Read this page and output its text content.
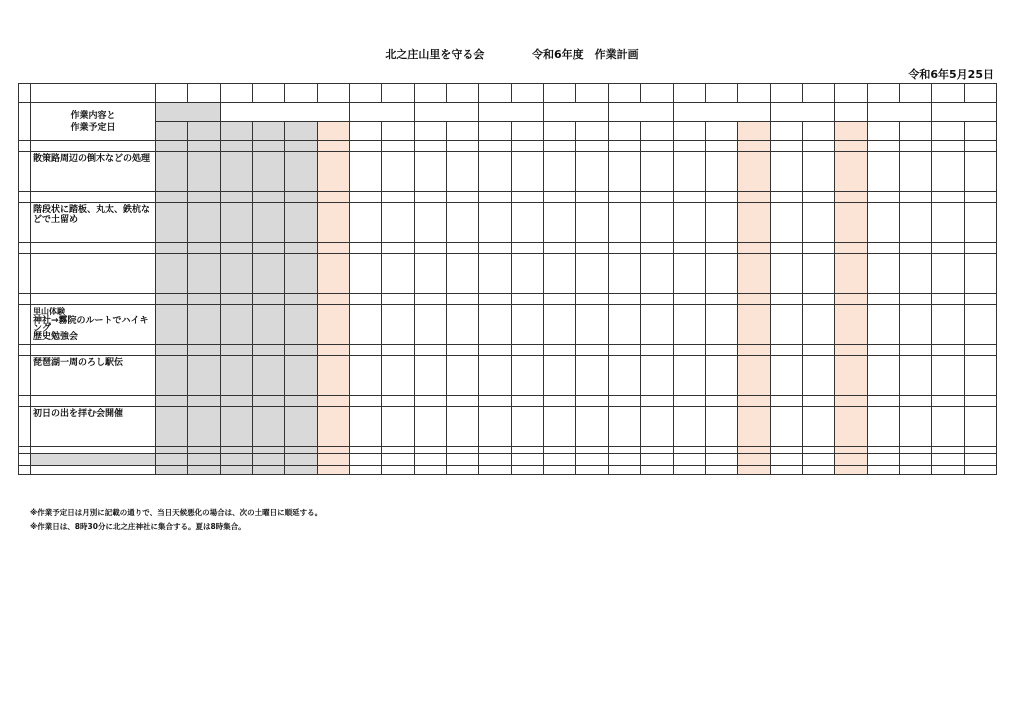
北之庄山里を守る会	令和6年度　作業計画
令和6年5月25日

	作業内容と
作業予定日																										

	散策路周辺の倒木などの処理																										

	階段状に踏板、丸太、鉄杭な
どで土留め																										

	里山体験
神社→霧院のルートでハイキング
歴史勉強会																										

	琵琶湖一周のろし駅伝																										

	初日の出を拝む会開催																										

※作業予定日は月別に記載の通りで、当日天候悪化の場合は、次の土曜日に順延する。
※作業日は、8時30分に北之庄神社に集合する。夏は8時集合。
